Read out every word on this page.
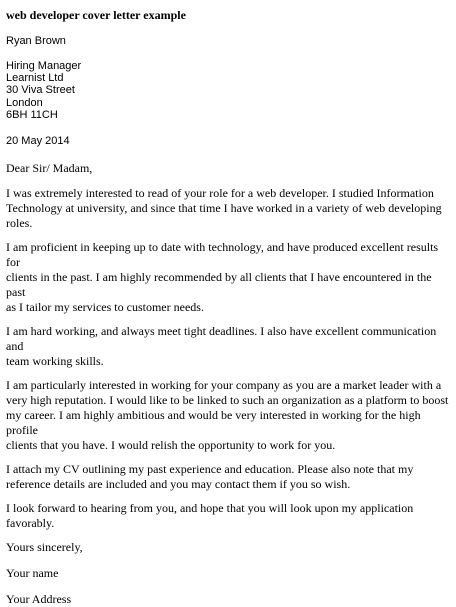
web developer cover letter example
Ryan Brown
Hiring Manager
Learnist Ltd
30 Viva Street
London
6BH 11CH
20 May 2014
Dear Sir/ Madam,
I was extremely interested to read of your role for a web developer. I studied Information
Technology at university, and since that time I have worked in a variety of web developing
roles.
I am proficient in keeping up to date with technology, and have produced excellent results for
clients in the past. I am highly recommended by all clients that I have encountered in the past
as I tailor my services to customer needs.
I am hard working, and always meet tight deadlines. I also have excellent communication and
team working skills.
I am particularly interested in working for your company as you are a market leader with a
very high reputation. I would like to be linked to such an organization as a platform to boost
my career. I am highly ambitious and would be very interested in working for the high profile
clients that you have. I would relish the opportunity to work for you.
I attach my CV outlining my past experience and education. Please also note that my
reference details are included and you may contact them if you so wish.
I look forward to hearing from you, and hope that you will look upon my application
favorably.
Yours sincerely,
Your name
Your Address
